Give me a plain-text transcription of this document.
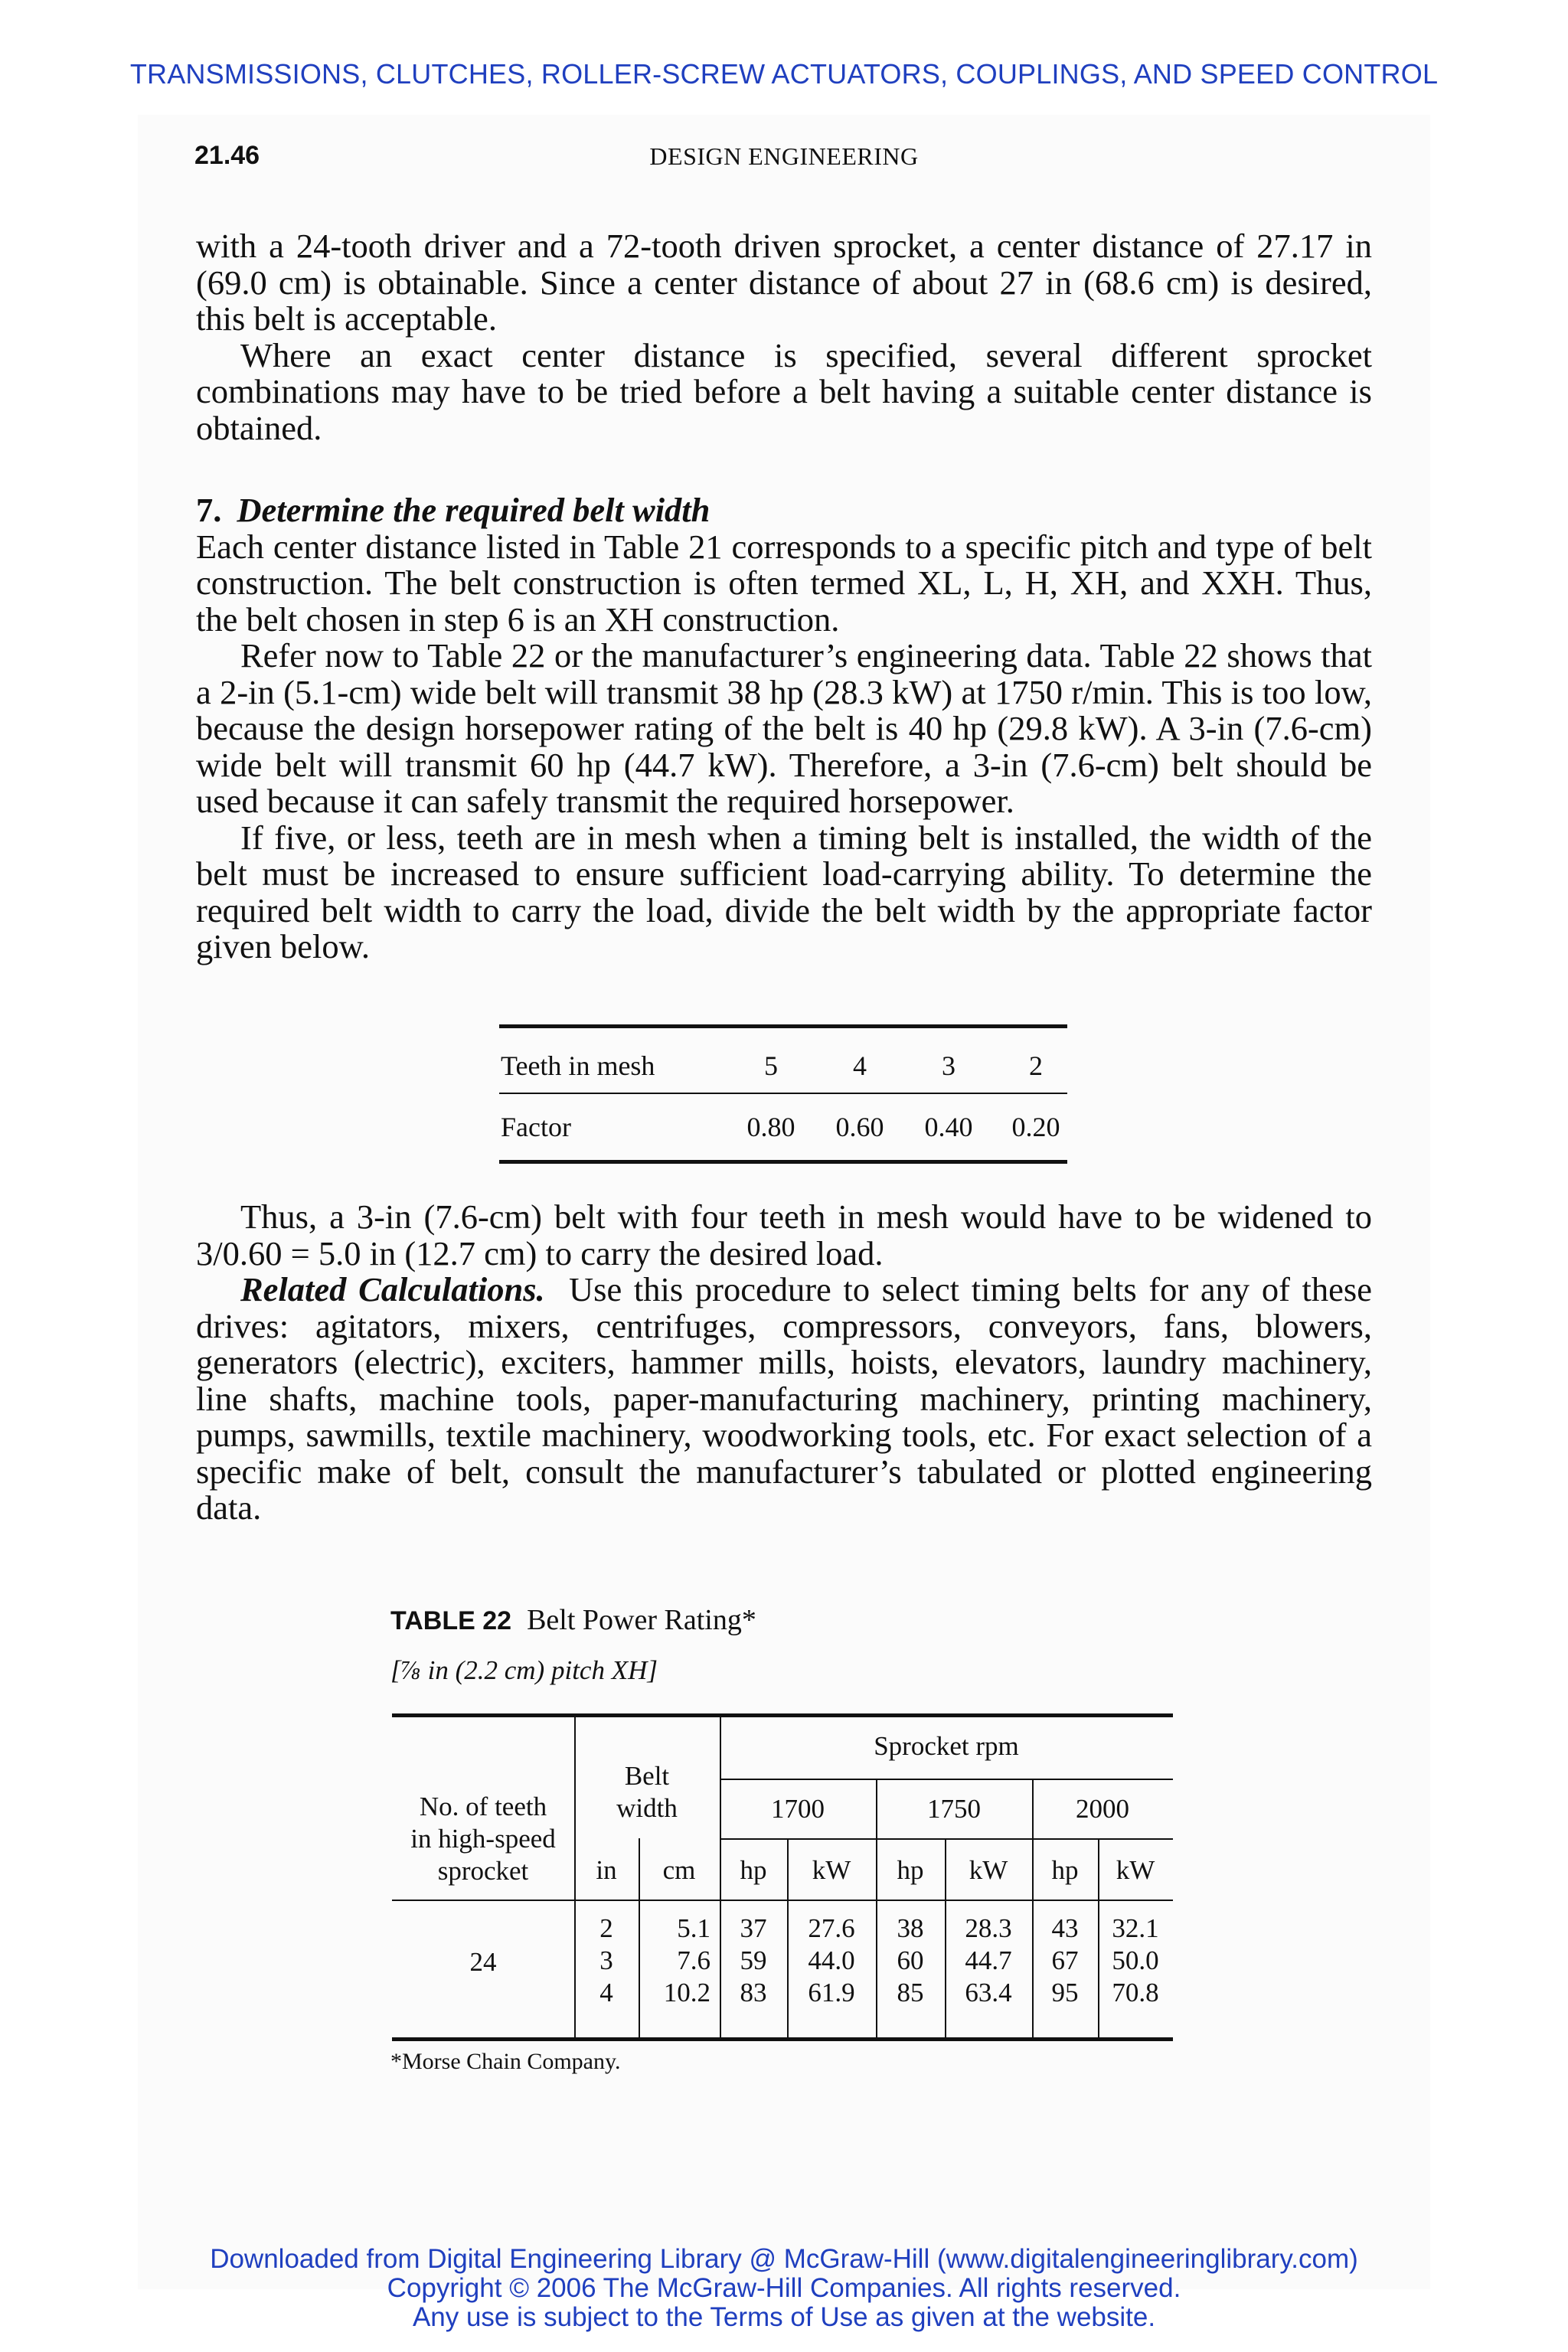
TRANSMISSIONS, CLUTCHES, ROLLER-SCREW ACTUATORS, COUPLINGS, AND SPEED CONTROL
21.46	DESIGN ENGINEERING

with a 24-tooth driver and a 72-tooth driven sprocket, a center distance of 27.17 in (69.0 cm) is obtainable. Since a center distance of about 27 in (68.6 cm) is desired, this belt is acceptable.

Where an exact center distance is specified, several different sprocket combinations may have to be tried before a belt having a suitable center distance is obtained.

7. Determine the required belt width

Each center distance listed in Table 21 corresponds to a specific pitch and type of belt construction. The belt construction is often termed XL, L, H, XH, and XXH. Thus, the belt chosen in step 6 is an XH construction.

Refer now to Table 22 or the manufacturer’s engineering data. Table 22 shows that a 2-in (5.1-cm) wide belt will transmit 38 hp (28.3 kW) at 1750 r/min. This is too low, because the design horsepower rating of the belt is 40 hp (29.8 kW). A 3-in (7.6-cm) wide belt will transmit 60 hp (44.7 kW). Therefore, a 3-in (7.6-cm) belt should be used because it can safely transmit the required horsepower.

If five, or less, teeth are in mesh when a timing belt is installed, the width of the belt must be increased to ensure sufficient load-carrying ability. To determine the required belt width to carry the load, divide the belt width by the appropriate factor given below.

Teeth in mesh	5	4	3	2
Factor	0.80	0.60	0.40	0.20

Thus, a 3-in (7.6-cm) belt with four teeth in mesh would have to be widened to 3/0.60 = 5.0 in (12.7 cm) to carry the desired load.

Related Calculations. Use this procedure to select timing belts for any of these drives: agitators, mixers, centrifuges, compressors, conveyors, fans, blowers, generators (electric), exciters, hammer mills, hoists, elevators, laundry machinery, line shafts, machine tools, paper-manufacturing machinery, printing machinery, pumps, sawmills, textile machinery, woodworking tools, etc. For exact selection of a specific make of belt, consult the manufacturer’s tabulated or plotted engineering data.

TABLE 22 Belt Power Rating*
[⅞ in (2.2 cm) pitch XH]
No. of teeth
in high-speed
sprocket
Belt
width
Sprocket rpm
1700	1750	2000
in	cm	hp	kW	hp	kW	hp	kW
24
2	5.1	37	27.6	38	28.3	43	32.1
3	7.6	59	44.0	60	44.7	67	50.0
4	10.2	83	61.9	85	63.4	95	70.8
*Morse Chain Company.
Downloaded from Digital Engineering Library @ McGraw-Hill (www.digitalengineeringlibrary.com)
Copyright © 2006 The McGraw-Hill Companies. All rights reserved.
Any use is subject to the Terms of Use as given at the website.
